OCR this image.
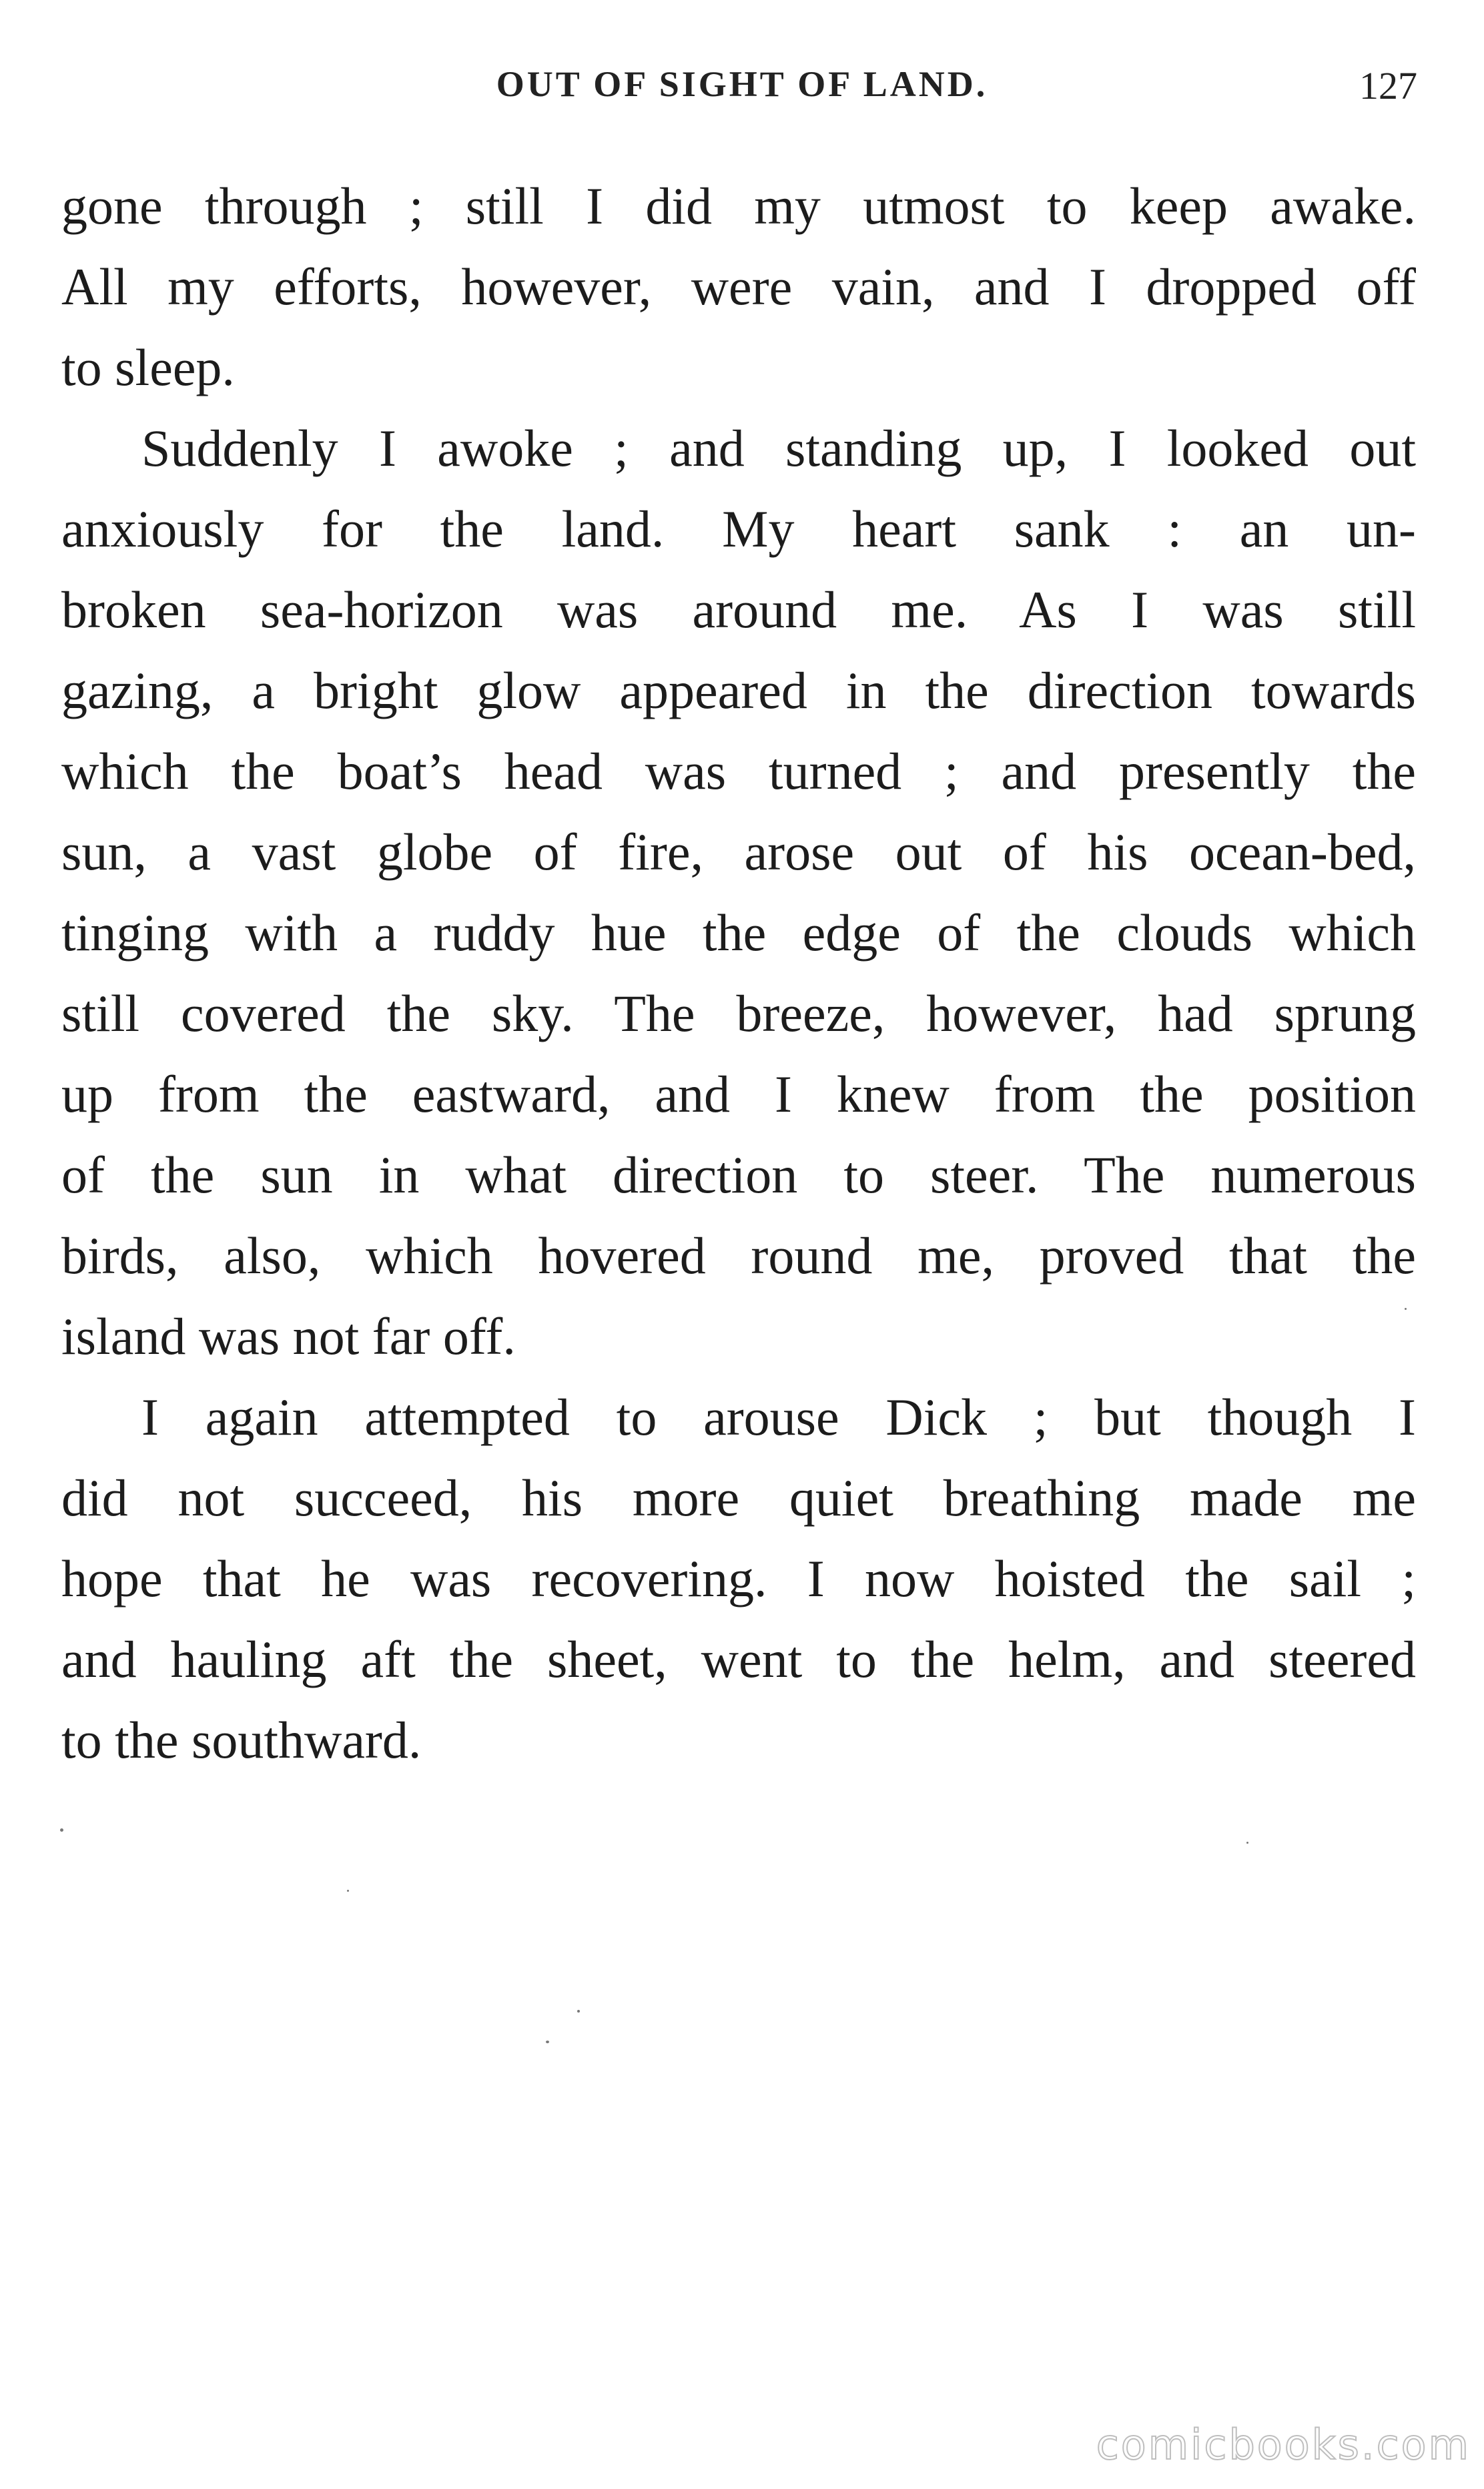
OUT OF SIGHT OF LAND.	127

gone through ; still I did my utmost to keep awake.
All my efforts, however, were vain, and I dropped off
to sleep.

Suddenly I awoke ; and standing up, I looked out
anxiously for the land. My heart sank : an un-
broken sea-horizon was around me. As I was still
gazing, a bright glow appeared in the direction towards
which the boat’s head was turned ; and presently the
sun, a vast globe of fire, arose out of his ocean-bed,
tinging with a ruddy hue the edge of the clouds which
still covered the sky. The breeze, however, had sprung
up from the eastward, and I knew from the position
of the sun in what direction to steer. The numerous
birds, also, which hovered round me, proved that the
island was not far off.

I again attempted to arouse Dick ; but though I
did not succeed, his more quiet breathing made me
hope that he was recovering. I now hoisted the sail ;
and hauling aft the sheet, went to the helm, and steered
to the southward.

comicbooks.com
